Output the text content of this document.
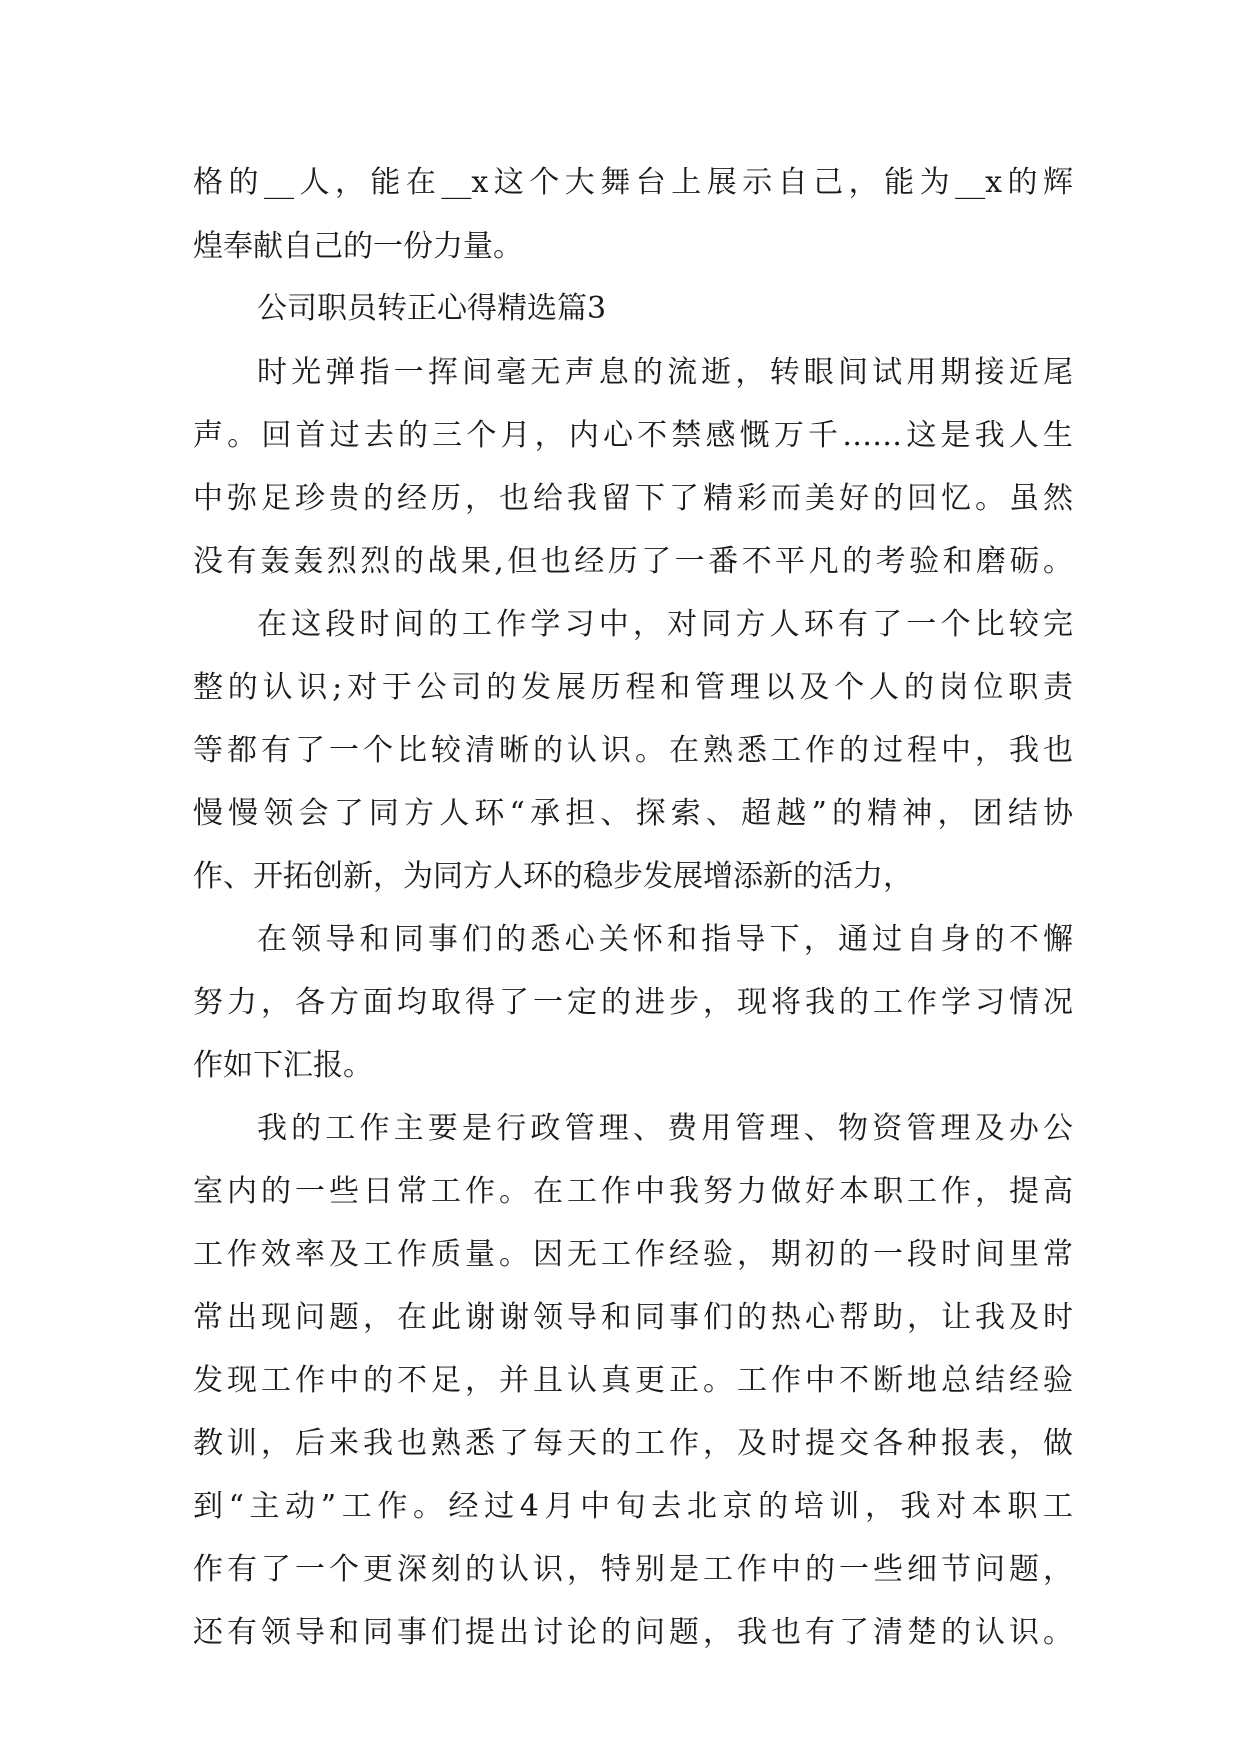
格的__人，能在__x这个大舞台上展示自己，能为__x的辉
煌奉献自己的一份力量。
公司职员转正心得精选篇3
时光弹指一挥间毫无声息的流逝，转眼间试用期接近尾
声。回首过去的三个月，内心不禁感慨万千……这是我人生
中弥足珍贵的经历，也给我留下了精彩而美好的回忆。虽然
没有轰轰烈烈的战果,但也经历了一番不平凡的考验和磨砺。
在这段时间的工作学习中，对同方人环有了一个比较完
整的认识;对于公司的发展历程和管理以及个人的岗位职责
等都有了一个比较清晰的认识。在熟悉工作的过程中，我也
慢慢领会了同方人环“承担、探索、超越”的精神，团结协
作、开拓创新，为同方人环的稳步发展增添新的活力，
在领导和同事们的悉心关怀和指导下，通过自身的不懈
努力，各方面均取得了一定的进步，现将我的工作学习情况
作如下汇报。
我的工作主要是行政管理、费用管理、物资管理及办公
室内的一些日常工作。在工作中我努力做好本职工作，提高
工作效率及工作质量。因无工作经验，期初的一段时间里常
常出现问题，在此谢谢领导和同事们的热心帮助，让我及时
发现工作中的不足，并且认真更正。工作中不断地总结经验
教训，后来我也熟悉了每天的工作，及时提交各种报表，做
到“主动”工作。经过4月中旬去北京的培训，我对本职工
作有了一个更深刻的认识，特别是工作中的一些细节问题，
还有领导和同事们提出讨论的问题，我也有了清楚的认识。
